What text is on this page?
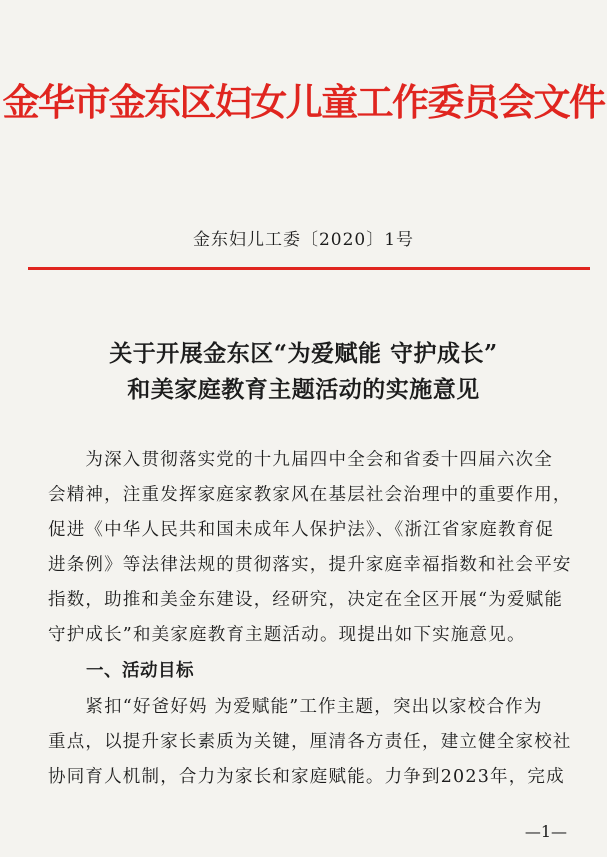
金华市金东区妇女儿童工作委员会文件
金东妇儿工委〔2020〕1号
关于开展金东区“为爱赋能 守护成长”
和美家庭教育主题活动的实施意见
　　为深入贯彻落实党的十九届四中全会和省委十四届六次全
会精神，注重发挥家庭家教家风在基层社会治理中的重要作用，
促进《中华人民共和国未成年人保护法》、《浙江省家庭教育促
进条例》等法律法规的贯彻落实，提升家庭幸福指数和社会平安
指数，助推和美金东建设，经研究，决定在全区开展“为爱赋能
守护成长”和美家庭教育主题活动。现提出如下实施意见。
一、活动目标
　　紧扣“好爸好妈 为爱赋能”工作主题，突出以家校合作为
重点，以提升家长素质为关键，厘清各方责任，建立健全家校社
协同育人机制，合力为家长和家庭赋能。力争到2023年，完成
—1—
